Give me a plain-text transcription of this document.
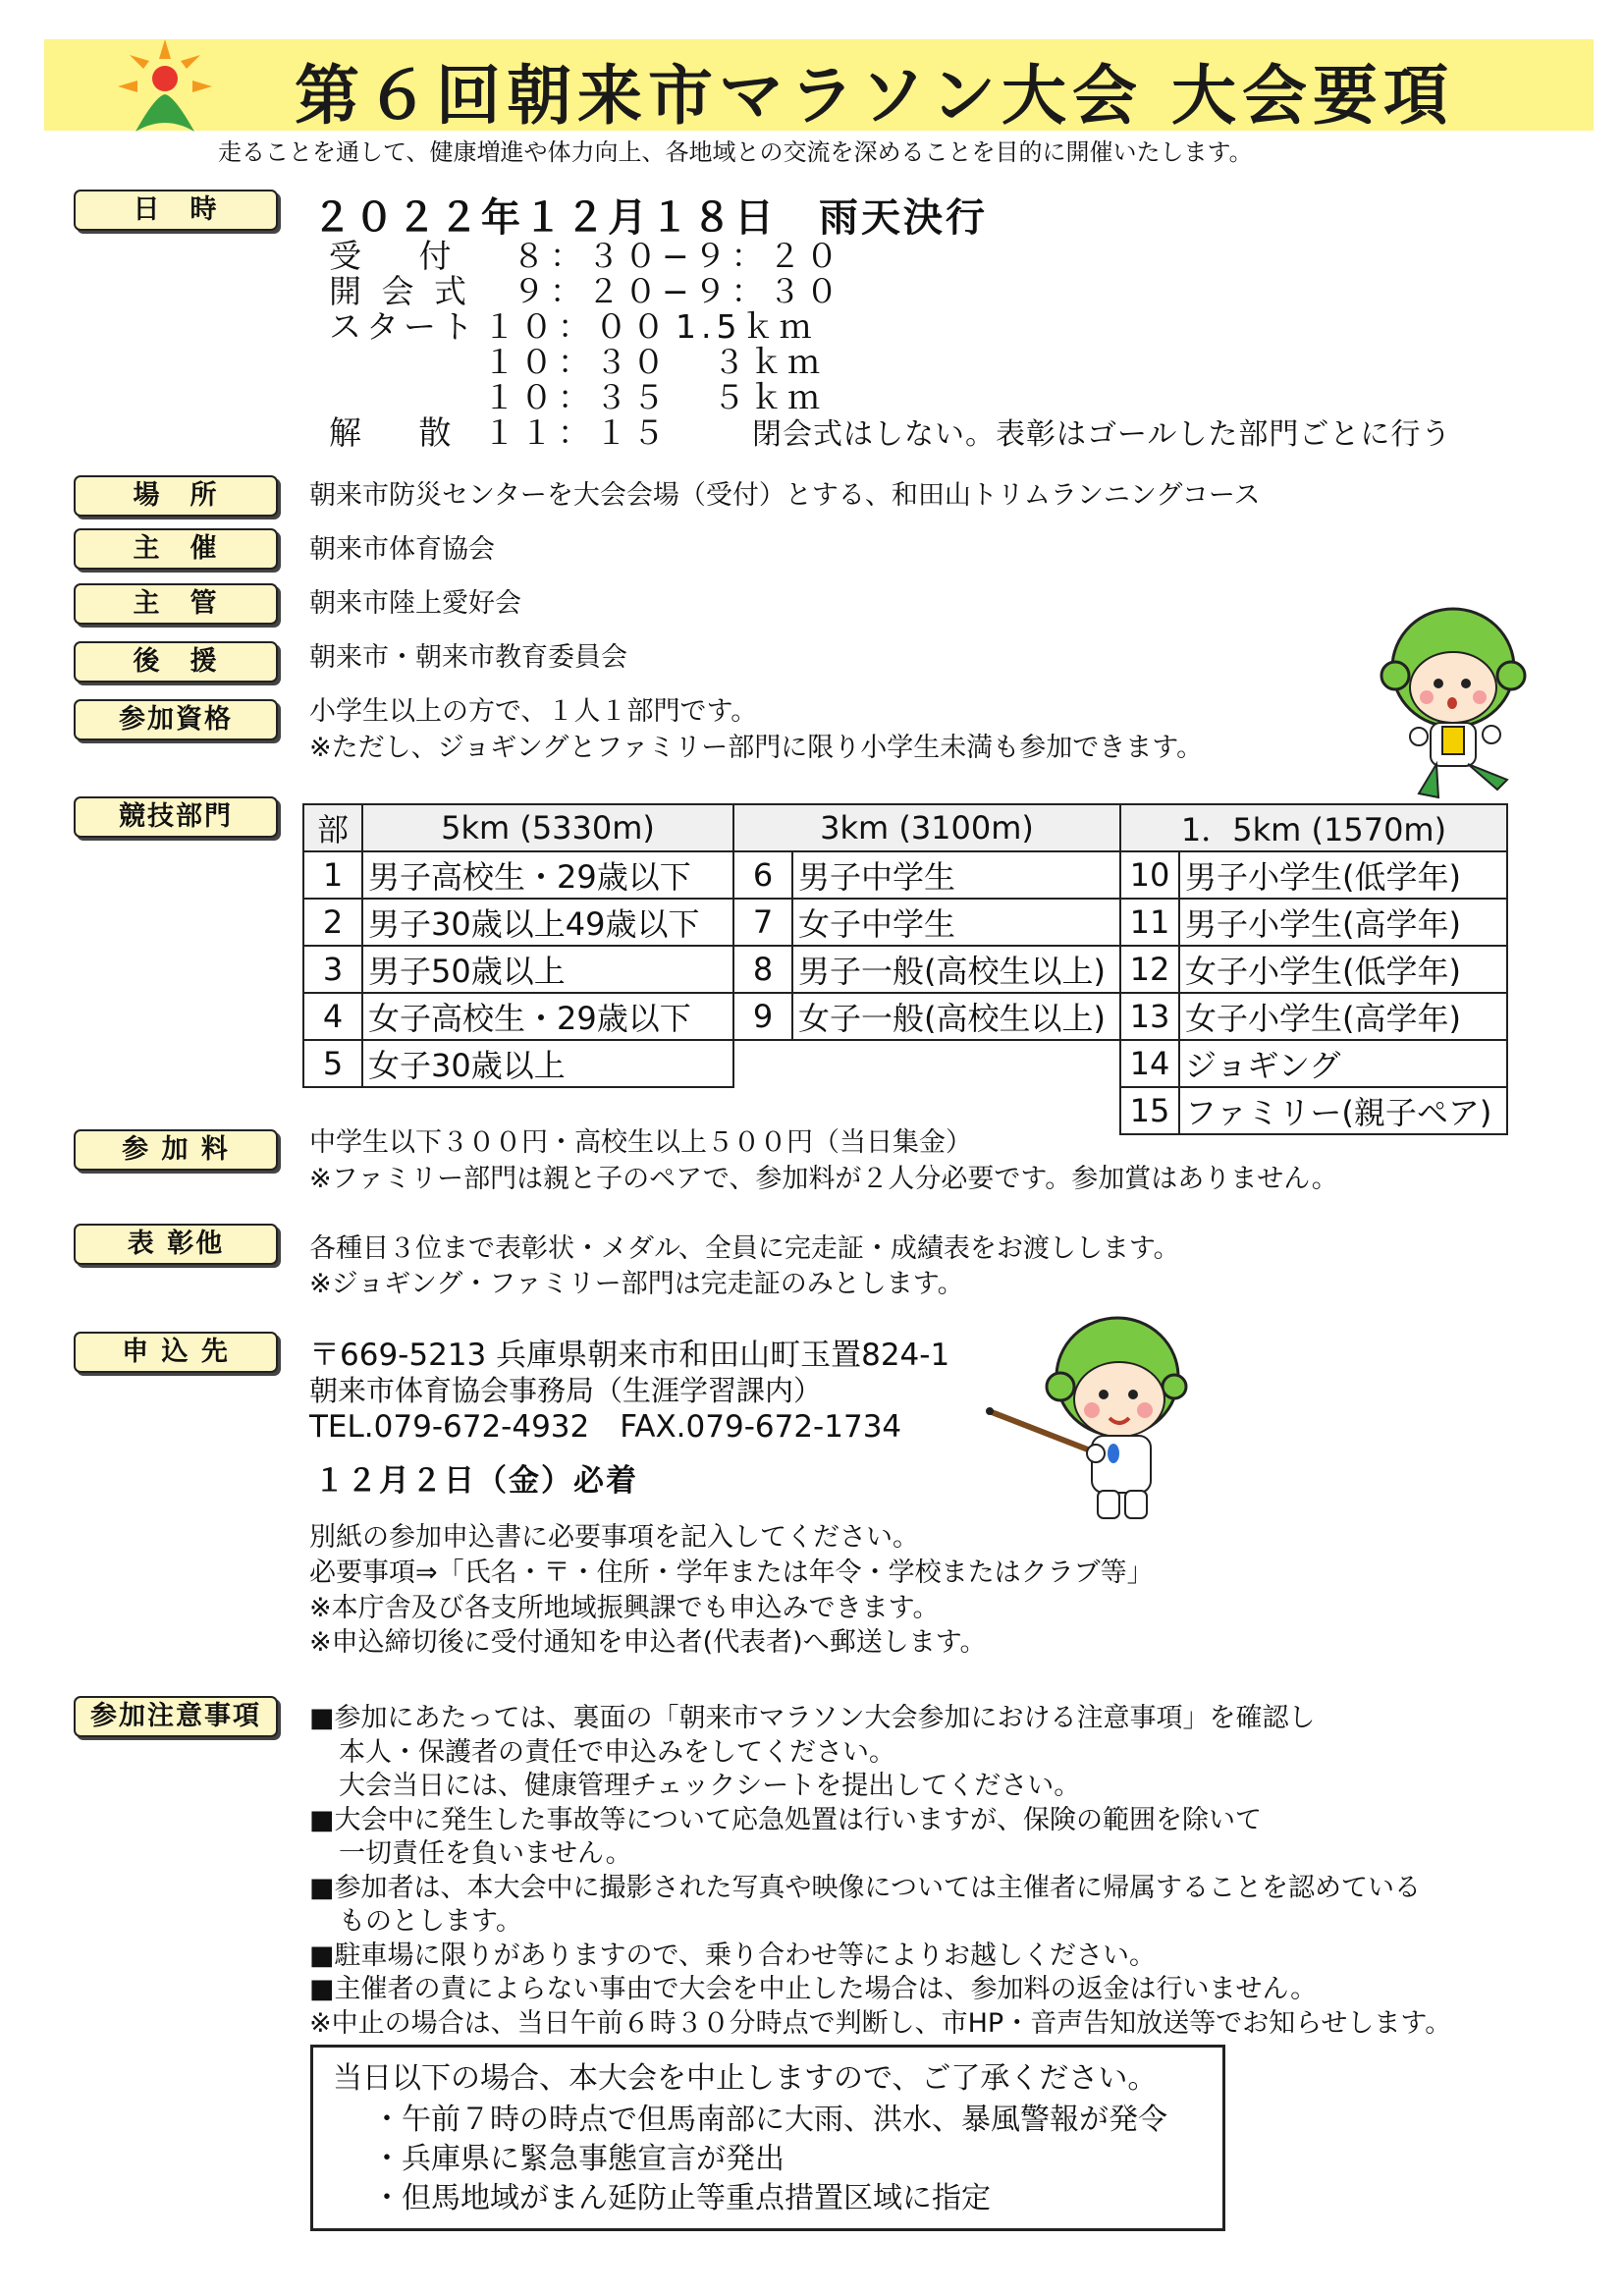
第６回朝来市マラソン大会 大会要項
走ることを通して、健康増進や体力向上、各地域との交流を深めることを目的に開催いたします。
日　時	２０２２年１２月１８日　雨天決行
受　 付 ８：３０−９：２０
開 会 式 ９：２０−９：３０
スタート １０：００ 1.5ｋｍ
１０：３０ ３ｋｍ
１０：３５ ５ｋｍ
解　 散 １１：１５	閉会式はしない。表彰はゴールした部門ごとに行う
場　所	朝来市防災センターを大会会場（受付）とする、和田山トリムランニングコース
主　催	朝来市体育協会
主　管	朝来市陸上愛好会
後　援	朝来市・朝来市教育委員会
参加資格	小学生以上の方で、１人１部門です。
※ただし、ジョギングとファミリー部門に限り小学生未満も参加できます。
競技部門	部	5km (5330m)	3km (3100m)		1．5km (1570m)	
1	男子高校生・29歳以下	6	男子中学生	10	男子小学生(低学年)
2	男子30歳以上49歳以下	7	女子中学生	11	男子小学生(高学年)
3	男子50歳以上	8	男子一般(高校生以上)	12	女子小学生(低学年)
4	女子高校生・29歳以下	9	女子一般(高校生以上)	13	女子小学生(高学年)
5	女子30歳以上			14	ジョギング
				15	ファミリー(親子ペア)
参 加 料	中学生以下３００円・高校生以上５００円（当日集金）
※ファミリー部門は親と子のペアで、参加料が２人分必要です。参加賞はありません。
表 彰他	各種目３位まで表彰状・メダル、全員に完走証・成績表をお渡しします。
※ジョギング・ファミリー部門は完走証のみとします。
申 込 先	〒669-5213 兵庫県朝来市和田山町玉置824-1
朝来市体育協会事務局（生涯学習課内）
TEL.079-672-4932　FAX.079-672-1734
１２月２日（金）必着
別紙の参加申込書に必要事項を記入してください。
必要事項⇒「氏名・〒・住所・学年または年令・学校またはクラブ等」
※本庁舎及び各支所地域振興課でも申込みできます。
※申込締切後に受付通知を申込者(代表者)へ郵送します。
参加注意事項	■参加にあたっては、裏面の「朝来市マラソン大会参加における注意事項」を確認し
本人・保護者の責任で申込みをしてください。
大会当日には、健康管理チェックシートを提出してください。
■大会中に発生した事故等について応急処置は行いますが、保険の範囲を除いて
一切責任を負いません。
■参加者は、本大会中に撮影された写真や映像については主催者に帰属することを認めている
ものとします。
■駐車場に限りがありますので、乗り合わせ等によりお越しください。
■主催者の責によらない事由で大会を中止した場合は、参加料の返金は行いません。
※中止の場合は、当日午前６時３０分時点で判断し、市HP・音声告知放送等でお知らせします。
当日以下の場合、本大会を中止しますので、ご了承ください。
・午前７時の時点で但馬南部に大雨、洪水、暴風警報が発令
・兵庫県に緊急事態宣言が発出
・但馬地域がまん延防止等重点措置区域に指定
